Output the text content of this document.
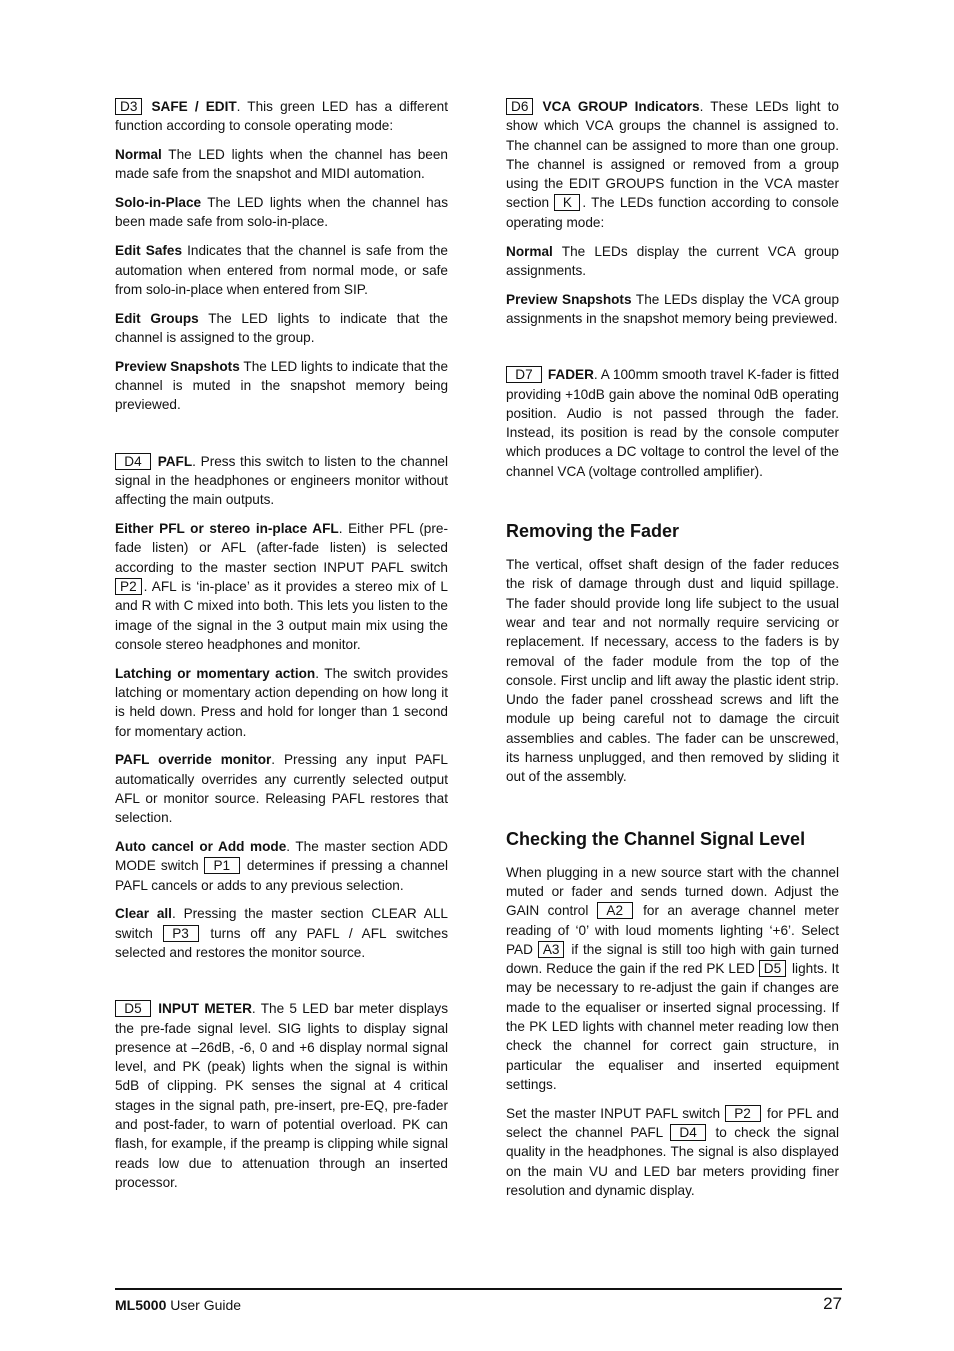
D3 SAFE / EDIT. This green LED has a different function according to console operating mode:

Normal The LED lights when the channel has been made safe from the snapshot and MIDI automation.

Solo-in-Place The LED lights when the channel has been made safe from solo-in-place.

Edit Safes Indicates that the channel is safe from the automation when entered from normal mode, or safe from solo-in-place when entered from SIP.

Edit Groups The LED lights to indicate that the channel is assigned to the group.

Preview Snapshots The LED lights to indicate that the channel is muted in the snapshot memory being previewed.

D4 PAFL. Press this switch to listen to the channel signal in the headphones or engineers monitor without affecting the main outputs.

Either PFL or stereo in-place AFL. Either PFL (pre-fade listen) or AFL (after-fade listen) is selected according to the master section INPUT PAFL switch P2 . AFL is ‘in-place’ as it provides a stereo mix of L and R with C mixed into both. This lets you listen to the image of the signal in the 3 output main mix using the console stereo headphones and monitor.

Latching or momentary action. The switch provides latching or momentary action depending on how long it is held down. Press and hold for longer than 1 second for momentary action.

PAFL override monitor. Pressing any input PAFL automatically overrides any currently selected output AFL or monitor source. Releasing PAFL restores that selection.

Auto cancel or Add mode. The master section ADD MODE switch P1 determines if pressing a channel PAFL cancels or adds to any previous selection.

Clear all. Pressing the master section CLEAR ALL switch P3 turns off any PAFL / AFL switches selected and restores the monitor source.

D5 INPUT METER. The 5 LED bar meter displays the pre-fade signal level. SIG lights to display signal presence at –26dB, -6, 0 and +6 display normal signal level, and PK (peak) lights when the signal is within 5dB of clipping. PK senses the signal at 4 critical stages in the signal path, pre-insert, pre-EQ, pre-fader and post-fader, to warn of potential overload. PK can flash, for example, if the preamp is clipping while signal reads low due to attenuation through an inserted processor.

D6 VCA GROUP Indicators. These LEDs light to show which VCA groups the channel is assigned to. The channel can be assigned to more than one group. The channel is assigned or removed from a group using the EDIT GROUPS function in the VCA master section K . The LEDs function according to console operating mode:

Normal The LEDs display the current VCA group assignments.

Preview Snapshots The LEDs display the VCA group assignments in the snapshot memory being previewed.

D7 FADER. A 100mm smooth travel K-fader is fitted providing +10dB gain above the nominal 0dB operating position. Audio is not passed through the fader. Instead, its position is read by the console computer which produces a DC voltage to control the level of the channel VCA (voltage controlled amplifier).

Removing the Fader

The vertical, offset shaft design of the fader reduces the risk of damage through dust and liquid spillage. The fader should provide long life subject to the usual wear and tear and not normally require servicing or replacement. If necessary, access to the faders is by removal of the fader module from the top of the console. First unclip and lift away the plastic ident strip. Undo the fader panel crosshead screws and lift the module up being careful not to damage the circuit assemblies and cables. The fader can be unscrewed, its harness unplugged, and then removed by sliding it out of the assembly.

Checking the Channel Signal Level

When plugging in a new source start with the channel muted or fader and sends turned down. Adjust the GAIN control A2 for an average channel meter reading of ‘0’ with loud moments lighting ‘+6’. Select PAD A3 if the signal is still too high with gain turned down. Reduce the gain if the red PK LED D5 lights. It may be necessary to re-adjust the gain if changes are made to the equaliser or inserted signal processing. If the PK LED lights with channel meter reading low then check the channel for correct gain structure, in particular the equaliser and inserted equipment settings.

Set the master INPUT PAFL switch P2 for PFL and select the channel PAFL D4 to check the signal quality in the headphones. The signal is also displayed on the main VU and LED bar meters providing finer resolution and dynamic display.

ML5000 User Guide	27
